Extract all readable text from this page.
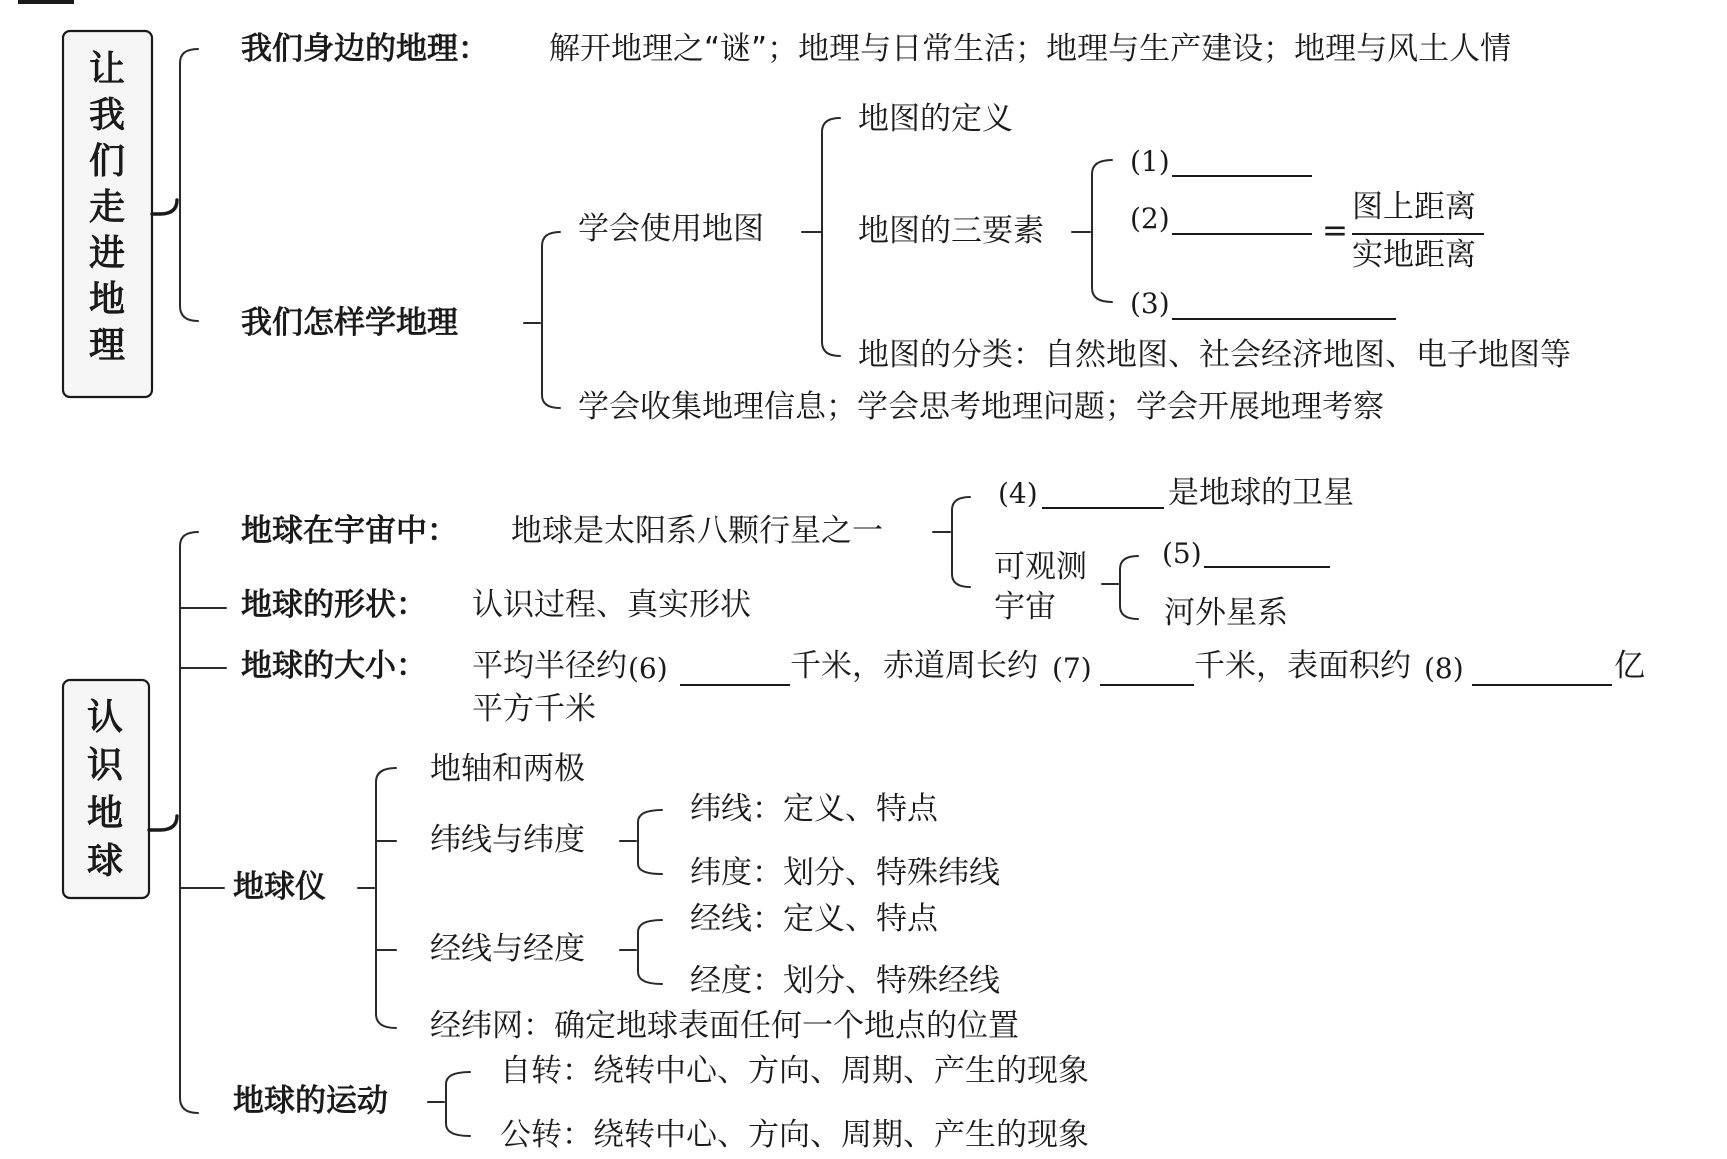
让
我
们
走
进
地
理
认
识
地
球
我们身边的地理： 解开地理之“谜”；地理与日常生活；地理与生产建设；地理与风土人情
我们怎样学地理
学会使用地图
地图的定义
地图的三要素
(1)
(2)	=
图上距离
实地距离
(3)
地图的分类：自然地图、社会经济地图、电子地图等
学会收集地理信息；学会思考地理问题；学会开展地理考察
地球在宇宙中： 地球是太阳系八颗行星之一
(4)	是地球的卫星
可观测
宇宙
(5)
河外星系
地球的形状： 认识过程、真实形状
地球的大小： 平均半径约 (6)	千米，赤道周长约 (7)	千米，表面积约 (8)	亿
平方千米
地球仪
地轴和两极
纬线与纬度
纬线：定义、特点
纬度：划分、特殊纬线
经线与经度
经线：定义、特点
经度：划分、特殊经线
经纬网：确定地球表面任何一个地点的位置
地球的运动
自转：绕转中心、方向、周期、产生的现象
公转：绕转中心、方向、周期、产生的现象
